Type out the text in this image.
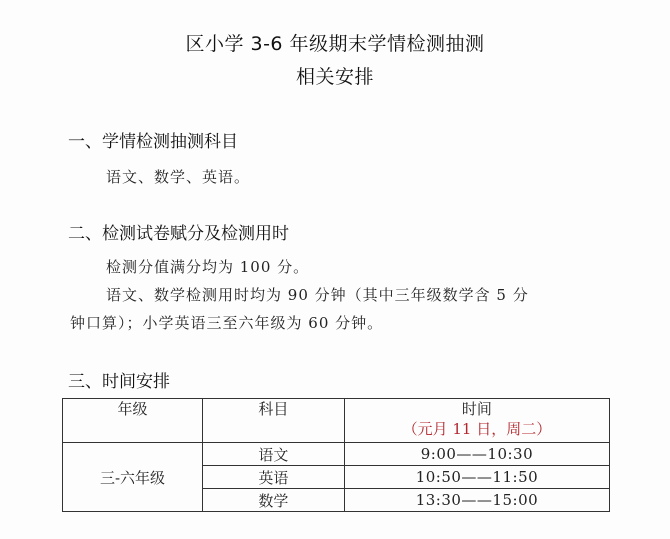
区小学 3-6 年级期末学情检测抽测
相关安排
一、学情检测抽测科目
语文、数学、英语。
二、检测试卷赋分及检测用时
检测分值满分均为 100 分。
语文、数学检测用时均为 90 分钟（其中三年级数学含 5 分
钟口算）；小学英语三至六年级为 60 分钟。
三、时间安排
年级	科目	时间
（元月 11 日，周二）

三-六年级	语文	9:00——10:30
	英语	10:50——11:50
	数学	13:30——15:00
